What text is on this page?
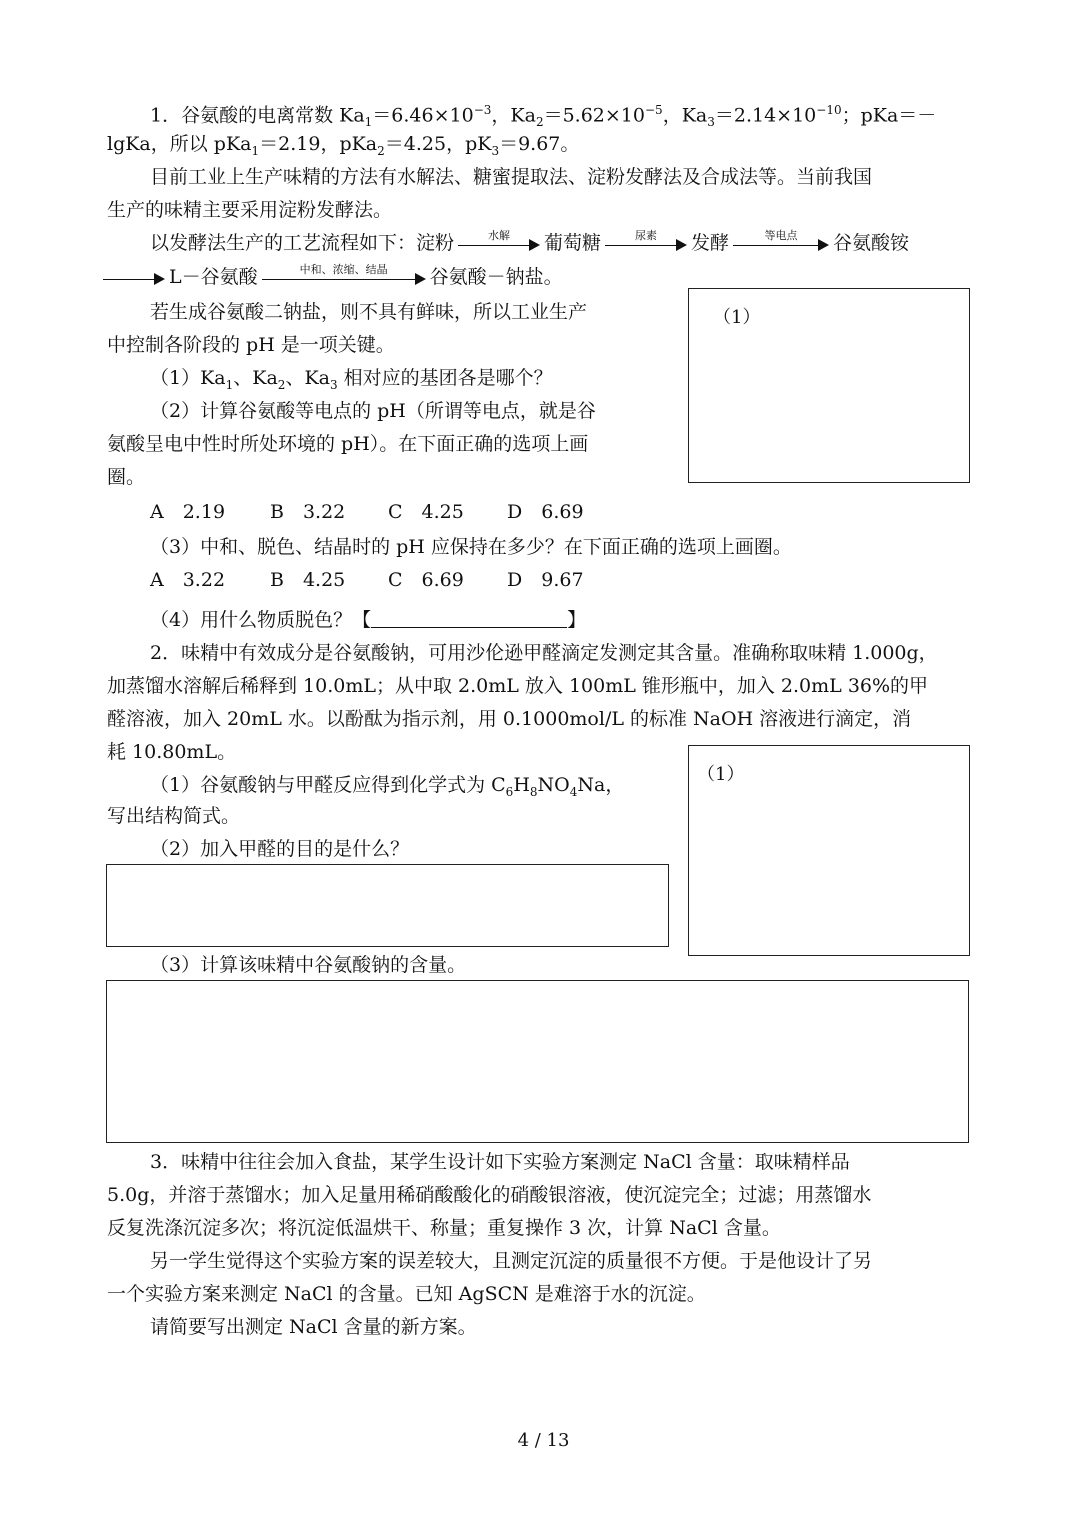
1．谷氨酸的电离常数 $Ka_1=6.46\times 10^{-3}$，$Ka_2=5.62\times 10^{-5}$，$Ka_3=2.14\times 10^{-10}$；pKa＝－
lgKa，所以 pKa$_1$＝2.19，pKa$_2$＝4.25，$pK_3=9.67$。
目前工业上生产味精的方法有水解法、糖蜜提取法、淀粉发酵法及合成法等。当前我国
生产的味精主要采用淀粉发酵法。
以发酵法生产的工艺流程如下：淀粉	水解	葡萄糖	尿素	发酵	等电点	谷氨酸铵
L－谷氨酸	中和、浓缩、结晶	谷氨酸－钠盐。
若生成谷氨酸二钠盐，则不具有鲜味，所以工业生产
中控制各阶段的 pH 是一项关键。
$(1)Ka_1$、$Ka_2$、$Ka_3$ 相对应的基团各是哪个？
（2）计算谷氨酸等电点的 pH（所谓等电点，就是谷
氨酸呈电中性时所处环境的 pH）。在下面正确的选项上画
圈。
（1）
A　2.19 B　3.22 C　4.25 D　6.69
（3）中和、脱色、结晶时的 pH 应保持在多少？在下面正确的选项上画圈。
A　3.22 B　4.25 C　6.69 D　9.67
（4）用什么物质脱色？【	】
2．味精中有效成分是谷氨酸钠，可用沙伦逊甲醛滴定发测定其含量。准确称取味精 1.000g，
加蒸馏水溶解后稀释到 10.0mL；从中取 2.0mL 放入 100mL 锥形瓶中，加入 2.0mL 36%的甲
醛溶液，加入 20mL 水。以酚酞为指示剂，用 0.1000mol/L 的标准 NaOH 溶液进行滴定，消
耗 10.80mL。
（1）谷氨酸钠与甲醛反应得到化学式为 $C_6H_8NO_4Na$，
写出结构简式。
（2）加入甲醛的目的是什么？
（1）
（3）计算该味精中谷氨酸钠的含量。
3．味精中往往会加入食盐，某学生设计如下实验方案测定 NaCl 含量：取味精样品
5.0g，并溶于蒸馏水；加入足量用稀硝酸酸化的硝酸银溶液，使沉淀完全；过滤；用蒸馏水
反复洗涤沉淀多次；将沉淀低温烘干、称量；重复操作 3 次，计算 NaCl 含量。
另一学生觉得这个实验方案的误差较大，且测定沉淀的质量很不方便。于是他设计了另
一个实验方案来测定 NaCl 的含量。已知 AgSCN 是难溶于水的沉淀。
请简要写出测定 NaCl 含量的新方案。
4 / 13
